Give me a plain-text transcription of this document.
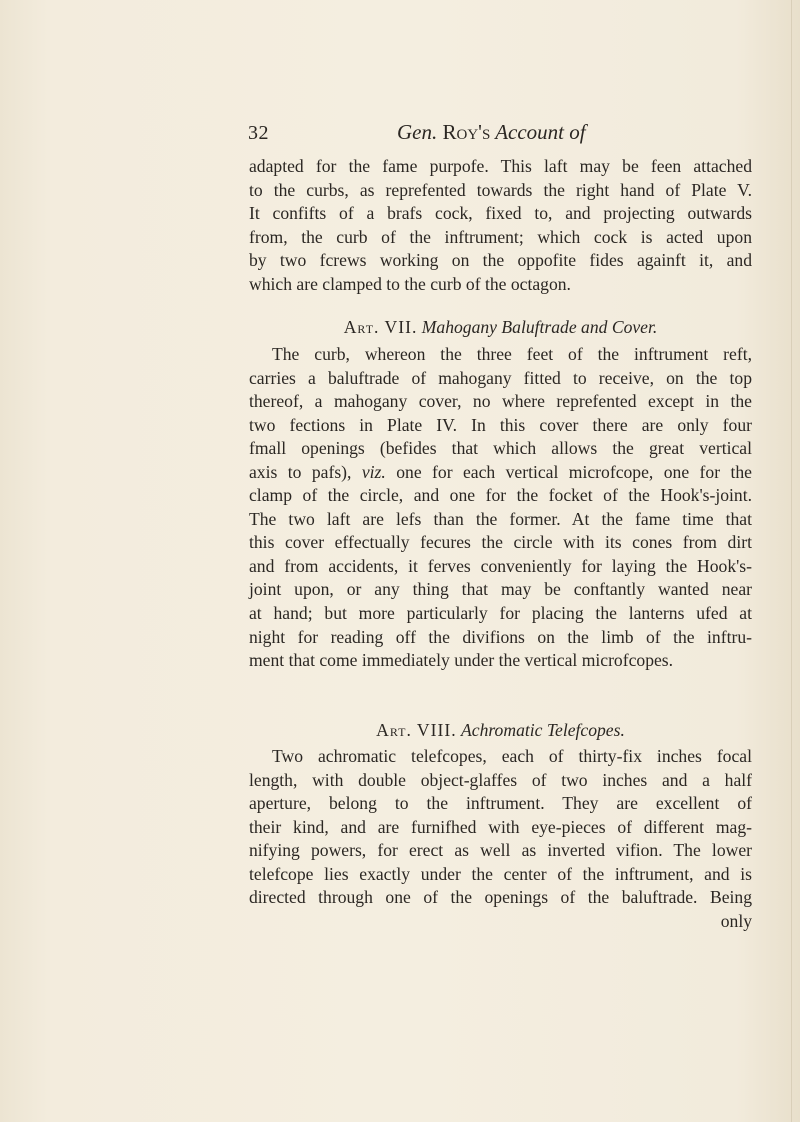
32	Gen. Roy's Account of
adapted for the fame purpofe. This laft may be feen attached
to the curbs, as reprefented towards the right hand of Plate V.
It confifts of a brafs cock, fixed to, and projecting outwards
from, the curb of the inftrument; which cock is acted upon
by two fcrews working on the oppofite fides againft it, and
which are clamped to the curb of the octagon.
Art. VII. Mahogany Baluftrade and Cover.
The curb, whereon the three feet of the inftrument reft,
carries a baluftrade of mahogany fitted to receive, on the top
thereof, a mahogany cover, no where reprefented except in the
two fections in Plate IV. In this cover there are only four
fmall openings (befides that which allows the great vertical
axis to pafs), viz. one for each vertical microfcope, one for the
clamp of the circle, and one for the focket of the Hook's-joint.
The two laft are lefs than the former. At the fame time that
this cover effectually fecures the circle with its cones from dirt
and from accidents, it ferves conveniently for laying the Hook's-
joint upon, or any thing that may be conftantly wanted near
at hand; but more particularly for placing the lanterns ufed at
night for reading off the divifions on the limb of the inftru-
ment that come immediately under the vertical microfcopes.
Art. VIII. Achromatic Telefcopes.
Two achromatic telefcopes, each of thirty-fix inches focal
length, with double object-glaffes of two inches and a half
aperture, belong to the inftrument. They are excellent of
their kind, and are furnifhed with eye-pieces of different mag-
nifying powers, for erect as well as inverted vifion. The lower
telefcope lies exactly under the center of the inftrument, and is
directed through one of the openings of the baluftrade. Being
only
